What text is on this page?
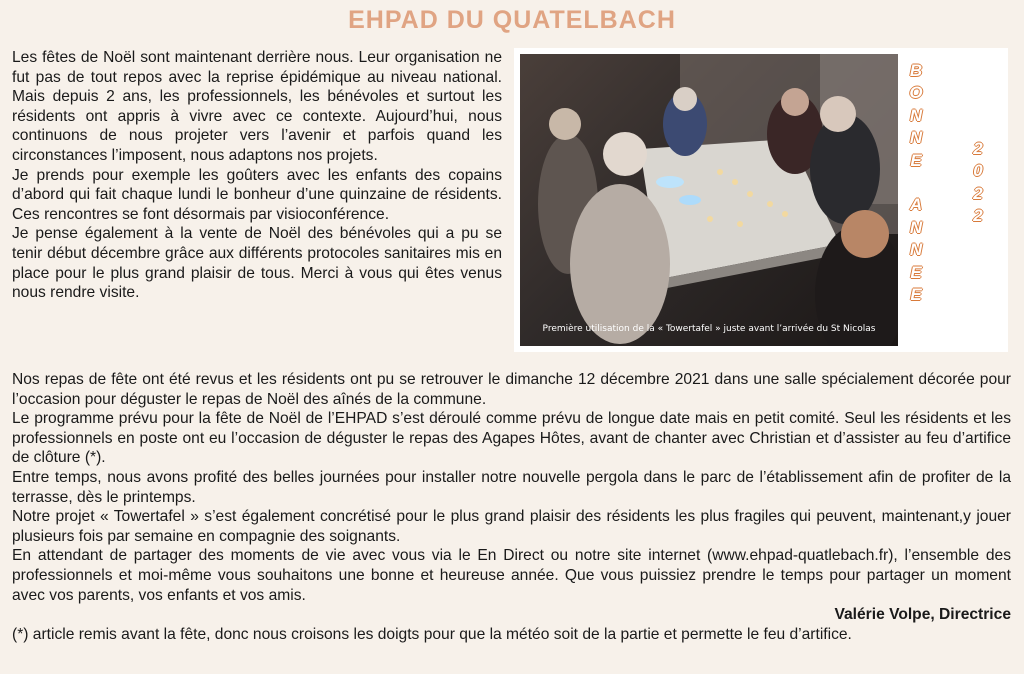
EHPAD DU QUATELBACH

Les fêtes de Noël sont maintenant derrière nous. Leur organisation ne fut pas de tout repos avec la reprise épidémique au niveau national. Mais depuis 2 ans, les professionnels, les bénévoles et surtout les résidents ont appris à vivre avec ce contexte. Aujourd’hui, nous continuons de nous projeter vers l’avenir et parfois quand les circonstances l’imposent, nous adaptons nos projets.

Je prends pour exemple les goûters avec les enfants des copains d’abord qui fait chaque lundi le bonheur d’une quinzaine de résidents. Ces rencontres se font désormais par visioconférence.

Je pense également à la vente de Noël des bénévoles qui a pu se tenir début décembre grâce aux différents protocoles sanitaires mis en place pour le plus grand plaisir de tous. Merci à vous qui êtes venus nous rendre visite.

Première utilisation de la « Towertafel » juste avant l’arrivée du St Nicolas
B
O
N
N
E

A
N
N
E
E
2
0
2
2

Nos repas de fête ont été revus et les résidents ont pu se retrouver le dimanche 12 décembre 2021 dans une salle spécialement décorée pour l’occasion pour déguster le repas de Noël des aînés de la commune.

Le programme prévu pour la fête de Noël de l’EHPAD s’est déroulé comme prévu de longue date mais en petit comité. Seul les résidents et les professionnels en poste ont eu l’occasion de déguster le repas des Agapes Hôtes, avant de chanter avec Christian et d’assister au feu d’artifice de clôture (*).

Entre temps, nous avons profité des belles journées pour installer notre nouvelle pergola dans le parc de l’établissement afin de profiter de la terrasse, dès le printemps.

Notre projet « Towertafel » s’est également concrétisé pour le plus grand plaisir des résidents les plus fragiles qui peuvent, maintenant,y jouer plusieurs fois par semaine en compagnie des soignants.

En attendant de partager des moments de vie avec vous via le En Direct ou notre site internet (www.ehpad-quatlebach.fr), l’ensemble des professionnels et moi-même vous souhaitons une bonne et heureuse année. Que vous puissiez prendre le temps pour partager un moment avec vos parents, vos enfants et vos amis.

Valérie Volpe, Directrice

(*) article remis avant la fête, donc nous croisons les doigts pour que la météo soit de la partie et permette le feu d’artifice.
